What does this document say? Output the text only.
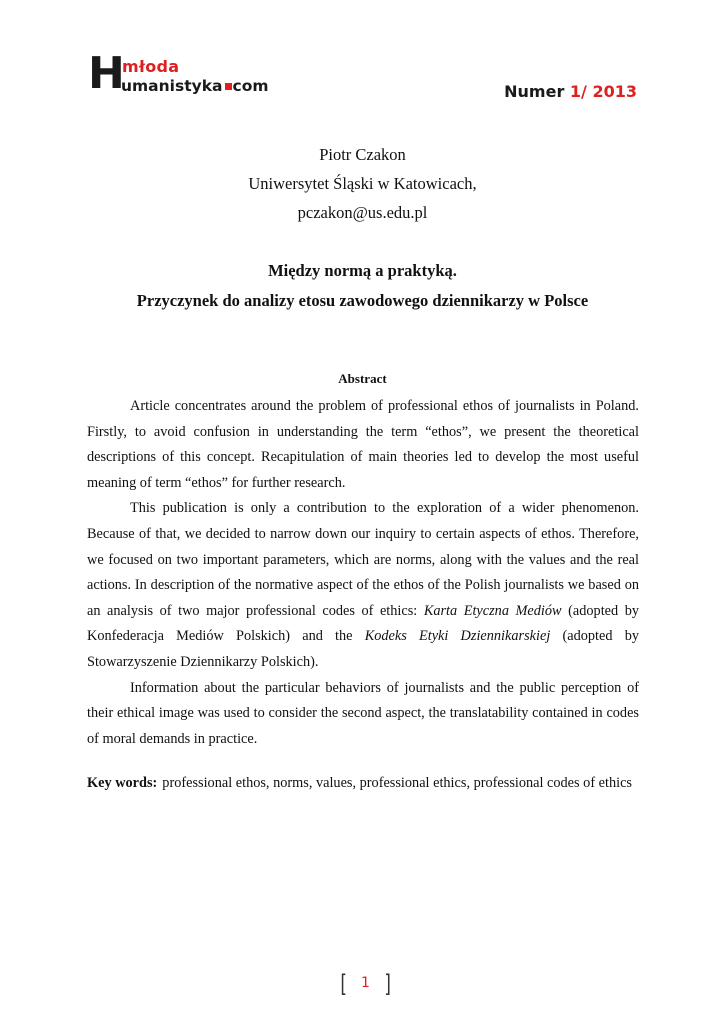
H
młoda
umanistyka com	Numer 1/ 2013
Piotr Czakon
Uniwersytet Śląski w Katowicach,
pczakon@us.edu.pl
Między normą a praktyką.
Przyczynek do analizy etosu zawodowego dziennikarzy w Polsce
Abstract

Article concentrates around the problem of professional ethos of journalists in Poland. Firstly, to avoid confusion in understanding the term “ethos”, we present the theoretical descriptions of this concept. Recapitulation of main theories led to develop the most useful meaning of term “ethos” for further research.

This publication is only a contribution to the exploration of a wider phenomenon. Because of that, we decided to narrow down our inquiry to certain aspects of ethos. Therefore, we focused on two important parameters, which are norms, along with the values and the real actions. In description of the normative aspect of the ethos of the Polish journalists we based on an analysis of two major professional codes of ethics: Karta Etyczna Mediów (adopted by Konfederacja Mediów Polskich) and the Kodeks Etyki Dziennikarskiej (adopted by Stowarzyszenie Dziennikarzy Polskich).

Information about the particular behaviors of journalists and the public perception of their ethical image was used to consider the second aspect, the translatability contained in codes of moral demands in practice.

Key words: professional ethos, norms, values, professional ethics, professional codes of ethics
[	1 ]
